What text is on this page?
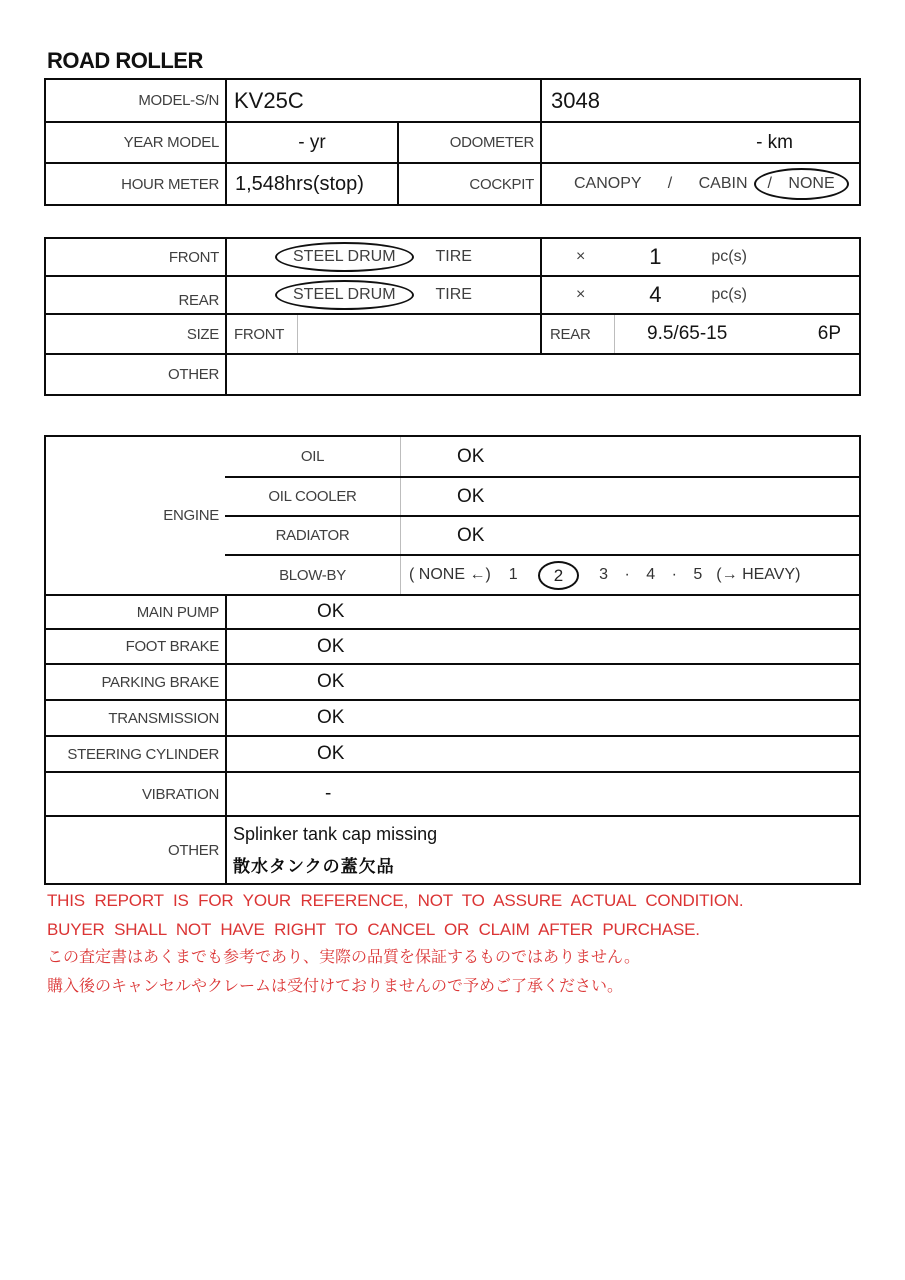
ROAD ROLLER
MODEL-S/N KV25C	3048
YEAR MODEL	- yr	ODOMETER	- km
HOUR METER 1,548hrs(stop)	COCKPIT	CANOPY / CABIN	/ NONE
FRONT	STEEL DRUM	TIRE	×	1	pc(s)
REAR	STEEL DRUM	TIRE	×	4	pc(s)
SIZE	FRONT	REAR	9.5/65-15	6P
OTHER
ENGINE
OIL	OK
OIL COOLER	OK
RADIATOR	OK
BLOW-BY	( NONE ←) 1	2	3 · 4 · 5 (→ HEAVY)
MAIN PUMP	OK
FOOT BRAKE	OK
PARKING BRAKE	OK
TRANSMISSION	OK
STEERING CYLINDER	OK
VIBRATION	-
OTHER
Splinker tank cap missing
散水タンクの蓋欠品
THIS REPORT IS FOR YOUR REFERENCE, NOT TO ASSURE ACTUAL CONDITION.
BUYER SHALL NOT HAVE RIGHT TO CANCEL OR CLAIM AFTER PURCHASE.
この査定書はあくまでも参考であり、実際の品質を保証するものではありません。
購入後のキャンセルやクレームは受付けておりませんので予めご了承ください。
